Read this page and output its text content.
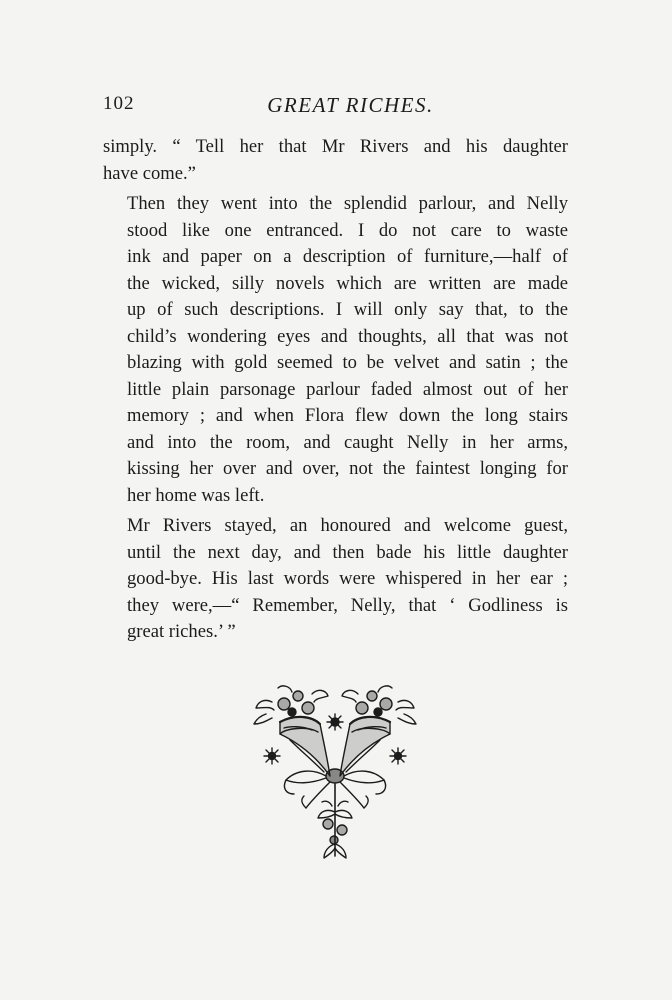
102	GREAT RICHES.

simply. “ Tell her that Mr Rivers and his daughter
have come.”

Then they went into the splendid parlour, and Nelly
stood like one entranced. I do not care to waste
ink and paper on a description of furniture,—half of
the wicked, silly novels which are written are made
up of such descriptions. I will only say that, to the
child’s wondering eyes and thoughts, all that was not
blazing with gold seemed to be velvet and satin ; the
little plain parsonage parlour faded almost out of her
memory ; and when Flora flew down the long stairs
and into the room, and caught Nelly in her arms,
kissing her over and over, not the faintest longing for
her home was left.

Mr Rivers stayed, an honoured and welcome guest,
until the next day, and then bade his little daughter
good-bye. His last words were whispered in her ear ;
they were,—“ Remember, Nelly, that ‘ Godliness is
great riches.’ ”
